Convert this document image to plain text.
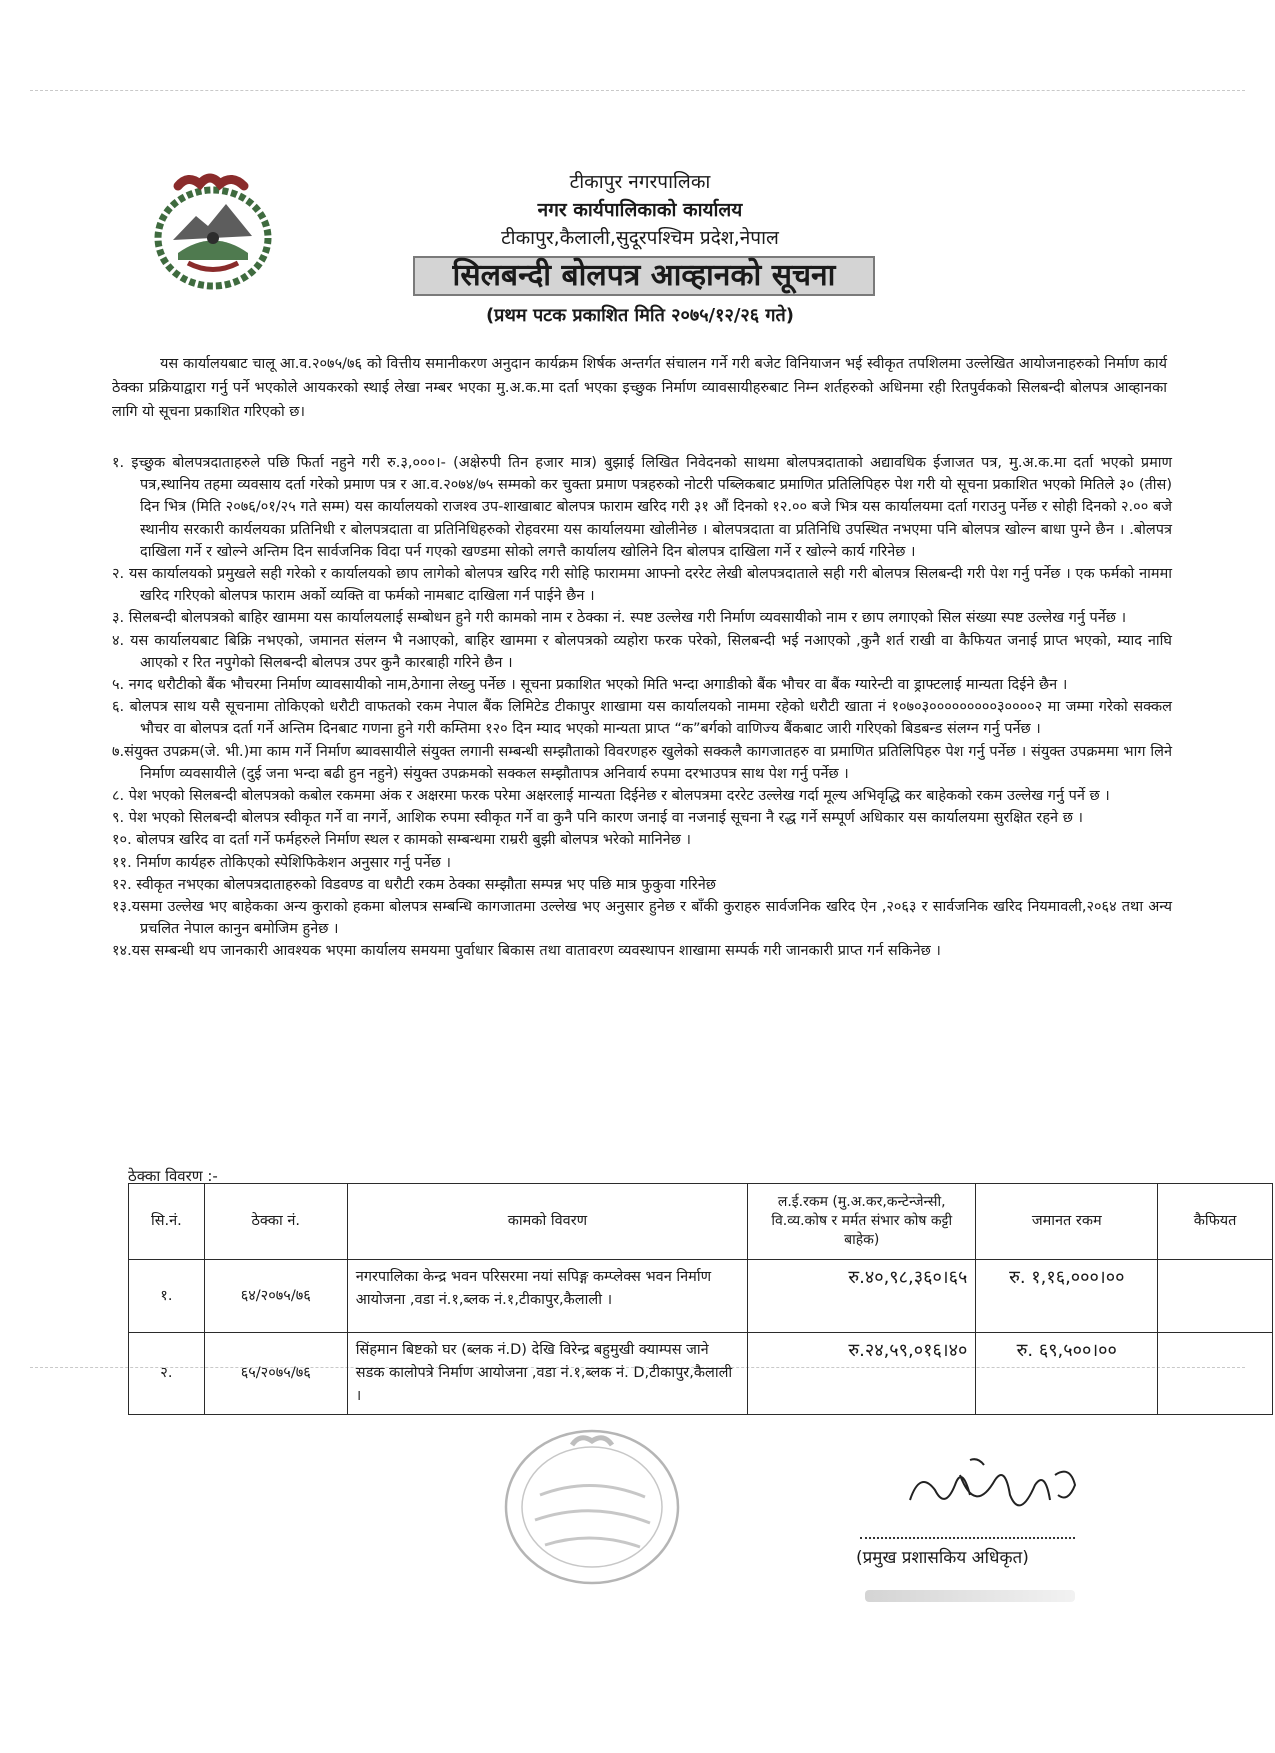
टीकापुर नगरपालिका
नगर कार्यपालिकाको कार्यालय
टीकापुर,कैलाली,सुदूरपश्चिम प्रदेश,नेपाल
सिलबन्दी बोलपत्र आव्हानको सूचना
(प्रथम पटक प्रकाशित मिति २०७५/१२/२६ गते)
यस कार्यालयबाट चालू आ.व.२०७५/७६ को वित्तीय समानीकरण अनुदान कार्यक्रम शिर्षक अन्तर्गत संचालन गर्ने गरी बजेट विनियाजन भई स्वीकृत तपशिलमा उल्लेखित आयोजनाहरुको निर्माण कार्य ठेक्का प्रक्रियाद्वारा गर्नु पर्ने भएकोले आयकरको स्थाई लेखा नम्बर भएका मु.अ.क.मा दर्ता भएका इच्छुक निर्माण व्यावसायीहरुबाट निम्न शर्तहरुको अधिनमा रही रितपुर्वकको सिलबन्दी बोलपत्र आव्हानका लागि यो सूचना प्रकाशित गरिएको छ।
१. इच्छुक बोलपत्रदाताहरुले पछि फिर्ता नहुने गरी रु.३,०००।- (अक्षेरुपी तिन हजार मात्र) बुझाई लिखित निवेदनको साथमा बोलपत्रदाताको अद्यावधिक ईजाजत पत्र, मु.अ.क.मा दर्ता भएको प्रमाण पत्र,स्थानिय तहमा व्यवसाय दर्ता गरेको प्रमाण पत्र र आ.व.२०७४/७५ सम्मको कर चुक्ता प्रमाण पत्रहरुको नोटरी पब्लिकबाट प्रमाणित प्रतिलिपिहरु पेश गरी यो सूचना प्रकाशित भएको मितिले ३० (तीस) दिन भित्र (मिति २०७६/०१/२५ गते सम्म) यस कार्यालयको राजश्व उप-शाखाबाट बोलपत्र फाराम खरिद गरी ३१ औं दिनको १२.०० बजे भित्र यस कार्यालयमा दर्ता गराउनु पर्नेछ र सोही दिनको २.०० बजे स्थानीय सरकारी कार्यलयका प्रतिनिधी र बोलपत्रदाता वा प्रतिनिधिहरुको रोहवरमा यस कार्यालयमा खोलीनेछ । बोलपत्रदाता वा प्रतिनिधि उपस्थित नभएमा पनि बोलपत्र खोल्न बाधा पुग्ने छैन । .बोलपत्र दाखिला गर्ने र खोल्ने अन्तिम दिन सार्वजनिक विदा पर्न गएको खण्डमा सोको लगत्तै कार्यालय खोलिने दिन बोलपत्र दाखिला गर्ने र खोल्ने कार्य गरिनेछ ।
२. यस कार्यालयको प्रमुखले सही गरेको र कार्यालयको छाप लागेको बोलपत्र खरिद गरी सोहि फाराममा आफ्नो दररेट लेखी बोलपत्रदाताले सही गरी बोलपत्र सिलबन्दी गरी पेश गर्नु पर्नेछ । एक फर्मको नाममा खरिद गरिएको बोलपत्र फाराम अर्को व्यक्ति वा फर्मको नामबाट दाखिला गर्न पाईने छैन ।
३. सिलबन्दी बोलपत्रको बाहिर खाममा यस कार्यालयलाई सम्बोधन हुने गरी कामको नाम र ठेक्का नं. स्पष्ट उल्लेख गरी निर्माण व्यवसायीको नाम र छाप लगाएको सिल संख्या स्पष्ट उल्लेख गर्नु पर्नेछ ।
४. यस कार्यालयबाट बिक्रि नभएको, जमानत संलग्न भै नआएको, बाहिर खाममा र बोलपत्रको व्यहोरा फरक परेको, सिलबन्दी भई नआएको ,कुनै शर्त राखी वा कैफियत जनाई प्राप्त भएको, म्याद नाघि आएको र रित नपुगेको सिलबन्दी बोलपत्र उपर कुनै कारबाही गरिने छैन ।
५. नगद धरौटीको बैंक भौचरमा निर्माण व्यावसायीको नाम,ठेगाना लेख्नु पर्नेछ । सूचना प्रकाशित भएको मिति भन्दा अगाडीको बैंक भौचर वा बैंक ग्यारेन्टी वा ड्राफ्टलाई मान्यता दिईने छैन ।
६. बोलपत्र साथ यसै सूचनामा तोकिएको धरौटी वाफतको रकम नेपाल बैंक लिमिटेड टीकापुर शाखामा यस कार्यालयको नाममा रहेको धरौटी खाता नं १०७०३०००००००००३००००२ मा जम्मा गरेको सक्कल भौचर वा बोलपत्र दर्ता गर्ने अन्तिम दिनबाट गणना हुने गरी कम्तिमा १२० दिन म्याद भएको मान्यता प्राप्त “क”बर्गको वाणिज्य बैंकबाट जारी गरिएको बिडबन्ड संलग्न गर्नु पर्नेछ ।
७.संयुक्त उपक्रम(जे. भी.)मा काम गर्ने निर्माण ब्यावसायीले संयुक्त लगानी सम्बन्धी सम्झौताको विवरणहरु खुलेको सक्कलै कागजातहरु वा प्रमाणित प्रतिलिपिहरु पेश गर्नु पर्नेछ । संयुक्त उपक्रममा भाग लिने निर्माण व्यवसायीले (दुई जना भन्दा बढी हुन नहुने) संयुक्त उपक्रमको सक्कल सम्झौतापत्र अनिवार्य रुपमा दरभाउपत्र साथ पेश गर्नु पर्नेछ ।
८. पेश भएको सिलबन्दी बोलपत्रको कबोल रकममा अंक र अक्षरमा फरक परेमा अक्षरलाई मान्यता दिईनेछ र बोलपत्रमा दररेट उल्लेख गर्दा मूल्य अभिवृद्धि कर बाहेकको रकम उल्लेख गर्नु पर्ने छ ।
९. पेश भएको सिलबन्दी बोलपत्र स्वीकृत गर्ने वा नगर्ने, आशिक रुपमा स्वीकृत गर्ने वा कुनै पनि कारण जनाई वा नजनाई सूचना नै रद्ध गर्ने सम्पूर्ण अधिकार यस कार्यालयमा सुरक्षित रहने छ ।
१०. बोलपत्र खरिद वा दर्ता गर्ने फर्महरुले निर्माण स्थल र कामको सम्बन्धमा राम्ररी बुझी बोलपत्र भरेको मानिनेछ ।
११. निर्माण कार्यहरु तोकिएको स्पेशिफिकेशन अनुसार गर्नु पर्नेछ ।
१२. स्वीकृत नभएका बोलपत्रदाताहरुको विडवण्ड वा धरौटी रकम ठेक्का सम्झौता सम्पन्न भए पछि मात्र फुकुवा गरिनेछ
१३.यसमा उल्लेख भए बाहेकका अन्य कुराको हकमा बोलपत्र सम्बन्धि कागजातमा उल्लेख भए अनुसार हुनेछ र बाँकी कुराहरु सार्वजनिक खरिद ऐन ,२०६३ र सार्वजनिक खरिद नियमावली,२०६४ तथा अन्य प्रचलित नेपाल कानुन बमोजिम हुनेछ ।
१४.यस सम्बन्धी थप जानकारी आवश्यक भएमा कार्यालय समयमा पुर्वाधार बिकास तथा वातावरण व्यवस्थापन शाखामा सम्पर्क गरी जानकारी प्राप्त गर्न सकिनेछ ।
ठेक्का विवरण :-
सि.नं.	ठेक्का नं.	कामको विवरण	ल.ई.रकम (मु.अ.कर,कन्टेन्जेन्सी, वि.व्य.कोष र मर्मत संभार कोष कट्टी बाहेक)	जमानत रकम	कैफियत
१.	६४/२०७५/७६	नगरपालिका केन्द्र भवन परिसरमा नयां सपिङ्ग कम्प्लेक्स भवन निर्माण आयोजना ,वडा नं.१,ब्लक नं.१,टीकापुर,कैलाली ।	रु.४०,९८,३६०।६५	रु. १,१६,०००।००	
२.	६५/२०७५/७६	सिंहमान बिष्टको घर (ब्लक नं.D) देखि विरेन्द्र बहुमुखी क्याम्पस जाने सडक कालोपत्रे निर्माण आयोजना ,वडा नं.१,ब्लक नं. D,टीकापुर,कैलाली ।	रु.२४,५९,०१६।४०	रु. ६९,५००।००	
(प्रमुख प्रशासकिय अधिकृत)
